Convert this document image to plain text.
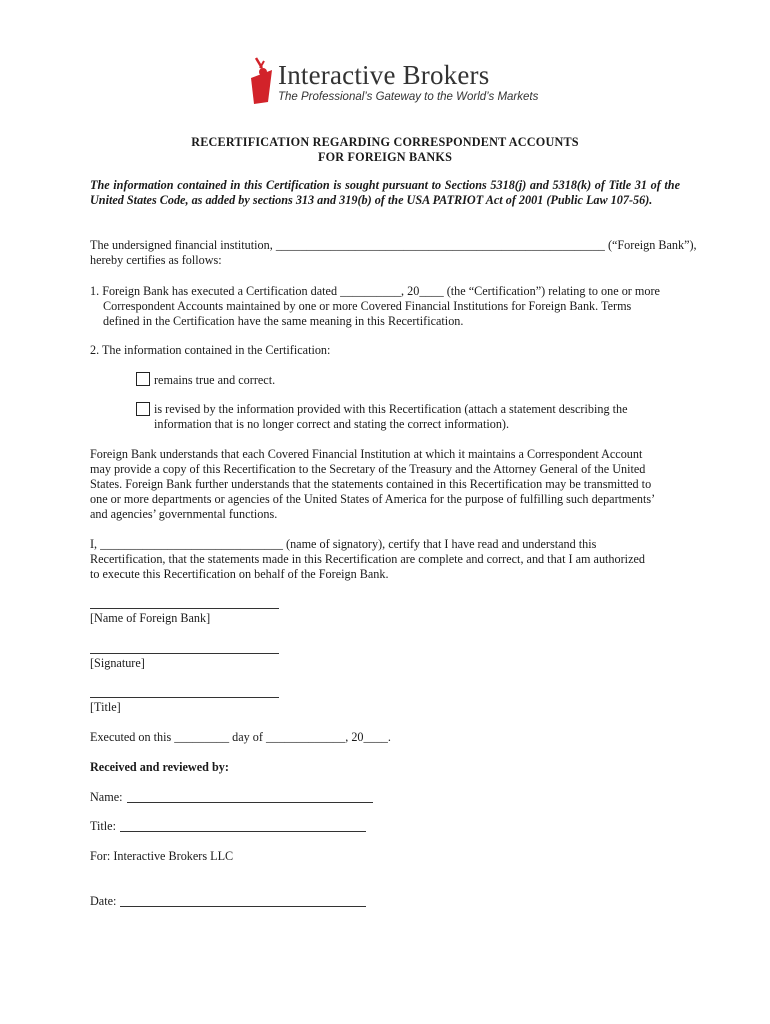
Interactive Brokers
The Professional’s Gateway to the World’s Markets
RECERTIFICATION REGARDING CORRESPONDENT ACCOUNTS
FOR FOREIGN BANKS
The information contained in this Certification is sought pursuant to Sections 5318(j) and 5318(k) of Title 31 of the United States Code, as added by sections 313 and 319(b) of the USA PATRIOT Act of 2001 (Public Law 107-56).
The undersigned financial institution, ______________________________________________________ (“Foreign Bank”),
hereby certifies as follows:
1. Foreign Bank has executed a Certification dated __________, 20____ (the “Certification”) relating to one or more
Correspondent Accounts maintained by one or more Covered Financial Institutions for Foreign Bank. Terms
defined in the Certification have the same meaning in this Recertification.
2. The information contained in the Certification:
remains true and correct.
is revised by the information provided with this Recertification (attach a statement describing the
information that is no longer correct and stating the correct information).
Foreign Bank understands that each Covered Financial Institution at which it maintains a Correspondent Account
may provide a copy of this Recertification to the Secretary of the Treasury and the Attorney General of the United
States. Foreign Bank further understands that the statements contained in this Recertification may be transmitted to
one or more departments or agencies of the United States of America for the purpose of fulfilling such departments’
and agencies’ governmental functions.
I, ______________________________ (name of signatory), certify that I have read and understand this
Recertification, that the statements made in this Recertification are complete and correct, and that I am authorized
to execute this Recertification on behalf of the Foreign Bank.
[Name of Foreign Bank]
[Signature]
[Title]
Executed on this _________ day of _____________, 20____.
Received and reviewed by:
Name:
Title:
For: Interactive Brokers LLC
Date:
